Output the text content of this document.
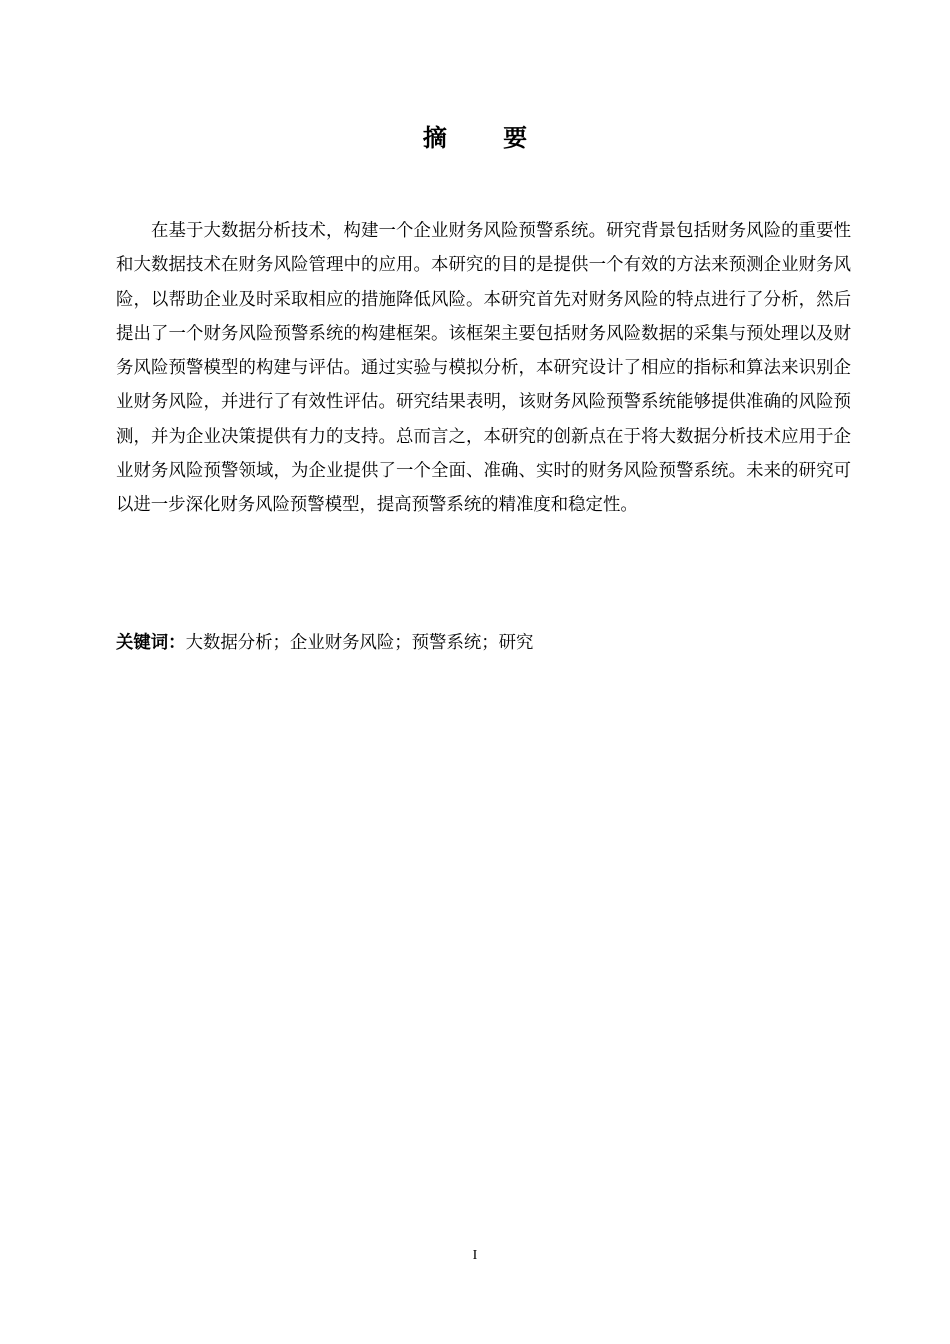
摘 要

在基于大数据分析技术，构建一个企业财务风险预警系统。研究背景包括财务风险的重要性和大数据技术在财务风险管理中的应用。本研究的目的是提供一个有效的方法来预测企业财务风险，以帮助企业及时采取相应的措施降低风险。本研究首先对财务风险的特点进行了分析，然后提出了一个财务风险预警系统的构建框架。该框架主要包括财务风险数据的采集与预处理以及财务风险预警模型的构建与评估。通过实验与模拟分析，本研究设计了相应的指标和算法来识别企业财务风险，并进行了有效性评估。研究结果表明，该财务风险预警系统能够提供准确的风险预测，并为企业决策提供有力的支持。总而言之，本研究的创新点在于将大数据分析技术应用于企业财务风险预警领域，为企业提供了一个全面、准确、实时的财务风险预警系统。未来的研究可以进一步深化财务风险预警模型，提高预警系统的精准度和稳定性。

关键词：大数据分析；企业财务风险；预警系统；研究

I
